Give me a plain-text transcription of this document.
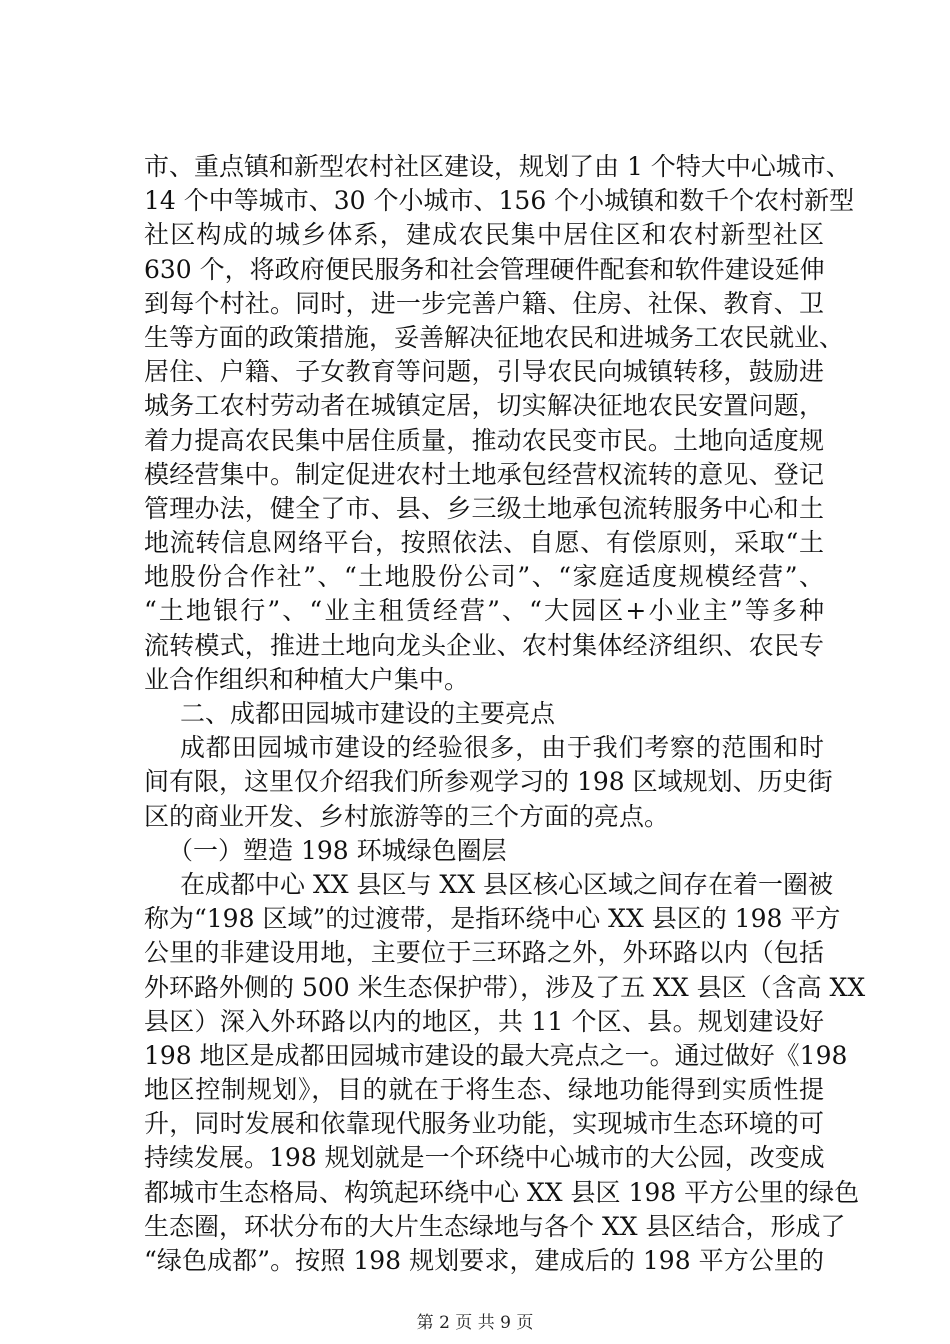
市、重点镇和新型农村社区建设，规划了由 1 个特大中心城市、
14 个中等城市、30 个小城市、156 个小城镇和数千个农村新型
社区构成的城乡体系，建成农民集中居住区和农村新型社区
630 个，将政府便民服务和社会管理硬件配套和软件建设延伸
到每个村社。同时，进一步完善户籍、住房、社保、教育、卫
生等方面的政策措施，妥善解决征地农民和进城务工农民就业、
居住、户籍、子女教育等问题，引导农民向城镇转移，鼓励进
城务工农村劳动者在城镇定居，切实解决征地农民安置问题，
着力提高农民集中居住质量，推动农民变市民。土地向适度规
模经营集中。制定促进农村土地承包经营权流转的意见、登记
管理办法，健全了市、县、乡三级土地承包流转服务中心和土
地流转信息网络平台，按照依法、自愿、有偿原则，采取“土
地股份合作社”、“土地股份公司”、“家庭适度规模经营”、
“土地银行”、“业主租赁经营”、“大园区+小业主”等多种
流转模式，推进土地向龙头企业、农村集体经济组织、农民专
业合作组织和种植大户集中。
二、成都田园城市建设的主要亮点
成都田园城市建设的经验很多，由于我们考察的范围和时
间有限，这里仅介绍我们所参观学习的 198 区域规划、历史街
区的商业开发、乡村旅游等的三个方面的亮点。
（一）塑造 198 环城绿色圈层
在成都中心 XX 县区与 XX 县区核心区域之间存在着一圈被
称为“198 区域”的过渡带，是指环绕中心 XX 县区的 198 平方
公里的非建设用地，主要位于三环路之外，外环路以内（包括
外环路外侧的 500 米生态保护带），涉及了五 XX 县区（含高 XX
县区）深入外环路以内的地区，共 11 个区、县。规划建设好
198 地区是成都田园城市建设的最大亮点之一。通过做好《198
地区控制规划》，目的就在于将生态、绿地功能得到实质性提
升，同时发展和依靠现代服务业功能，实现城市生态环境的可
持续发展。198 规划就是一个环绕中心城市的大公园，改变成
都城市生态格局、构筑起环绕中心 XX 县区 198 平方公里的绿色
生态圈，环状分布的大片生态绿地与各个 XX 县区结合，形成了
“绿色成都”。按照 198 规划要求，建成后的 198 平方公里的
第 2 页 共 9 页
